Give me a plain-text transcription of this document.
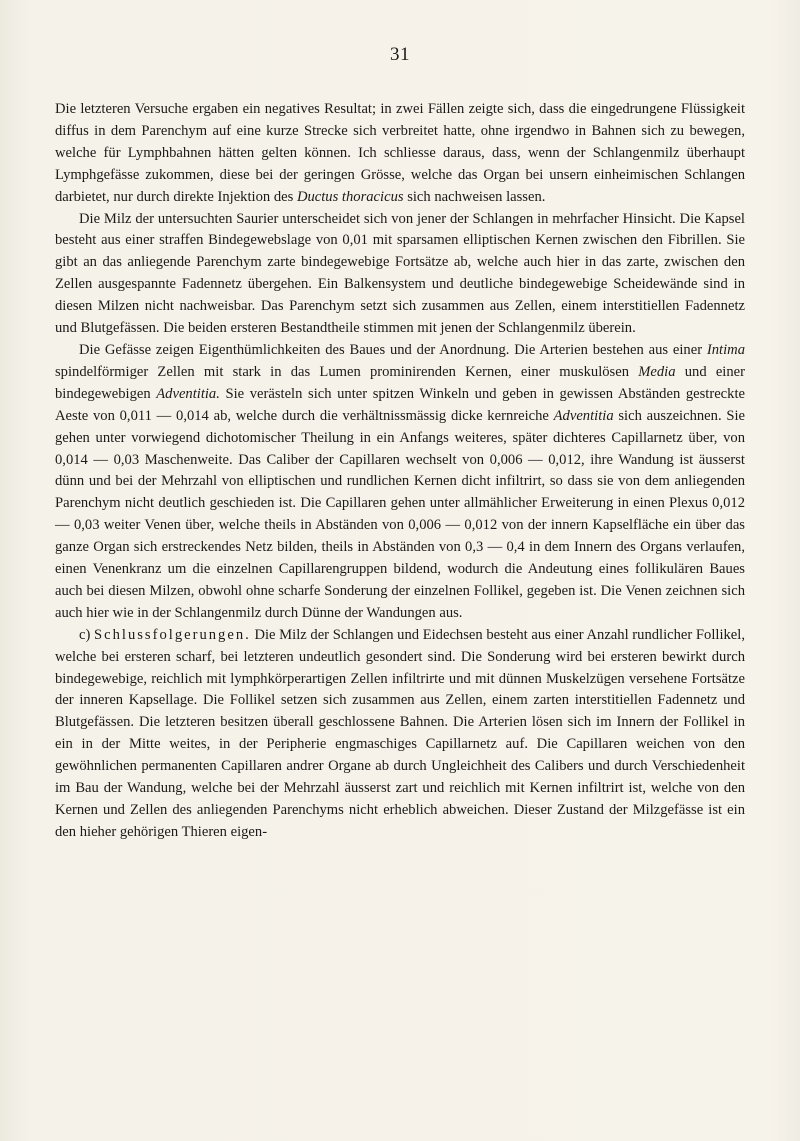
31

Die letzteren Versuche ergaben ein negatives Resultat; in zwei Fällen zeigte sich, dass die eingedrungene Flüssigkeit diffus in dem Parenchym auf eine kurze Strecke sich verbreitet hatte, ohne irgendwo in Bahnen sich zu bewegen, welche für Lymphbahnen hätten gelten können. Ich schliesse daraus, dass, wenn der Schlangenmilz überhaupt Lymphgefässe zukommen, diese bei der geringen Grösse, welche das Organ bei unsern einheimischen Schlangen darbietet, nur durch direkte Injektion des Ductus thoracicus sich nachweisen lassen.

Die Milz der untersuchten Saurier unterscheidet sich von jener der Schlangen in mehrfacher Hinsicht. Die Kapsel besteht aus einer straffen Bindegewebslage von 0,01 mit sparsamen elliptischen Kernen zwischen den Fibrillen. Sie gibt an das anliegende Parenchym zarte bindegewebige Fortsätze ab, welche auch hier in das zarte, zwischen den Zellen ausgespannte Fadennetz übergehen. Ein Balkensystem und deutliche bindegewebige Scheidewände sind in diesen Milzen nicht nachweisbar. Das Parenchym setzt sich zusammen aus Zellen, einem interstitiellen Fadennetz und Blutgefässen. Die beiden ersteren Bestandtheile stimmen mit jenen der Schlangenmilz überein.

Die Gefässe zeigen Eigenthümlichkeiten des Baues und der Anordnung. Die Arterien bestehen aus einer Intima spindelförmiger Zellen mit stark in das Lumen prominirenden Kernen, einer muskulösen Media und einer bindegewebigen Adventitia. Sie verästeln sich unter spitzen Winkeln und geben in gewissen Abständen gestreckte Aeste von 0,011 — 0,014 ab, welche durch die verhältnissmässig dicke kernreiche Adventitia sich auszeichnen. Sie gehen unter vorwiegend dichotomischer Theilung in ein Anfangs weiteres, später dichteres Capillarnetz über, von 0,014 — 0,03 Maschenweite. Das Caliber der Capillaren wechselt von 0,006 — 0,012, ihre Wandung ist äusserst dünn und bei der Mehrzahl von elliptischen und rundlichen Kernen dicht infiltrirt, so dass sie von dem anliegenden Parenchym nicht deutlich geschieden ist. Die Capillaren gehen unter allmählicher Erweiterung in einen Plexus 0,012 — 0,03 weiter Venen über, welche theils in Abständen von 0,006 — 0,012 von der innern Kapselfläche ein über das ganze Organ sich erstreckendes Netz bilden, theils in Abständen von 0,3 — 0,4 in dem Innern des Organs verlaufen, einen Venenkranz um die einzelnen Capillarengruppen bildend, wodurch die Andeutung eines follikulären Baues auch bei diesen Milzen, obwohl ohne scharfe Sonderung der einzelnen Follikel, gegeben ist. Die Venen zeichnen sich auch hier wie in der Schlangenmilz durch Dünne der Wandungen aus.

c) Schlussfolgerungen. Die Milz der Schlangen und Eidechsen besteht aus einer Anzahl rundlicher Follikel, welche bei ersteren scharf, bei letzteren undeutlich gesondert sind. Die Sonderung wird bei ersteren bewirkt durch bindegewebige, reichlich mit lymphkörperartigen Zellen infiltrirte und mit dünnen Muskelzügen versehene Fortsätze der inneren Kapsellage. Die Follikel setzen sich zusammen aus Zellen, einem zarten interstitiellen Fadennetz und Blutgefässen. Die letzteren besitzen überall geschlossene Bahnen. Die Arterien lösen sich im Innern der Follikel in ein in der Mitte weites, in der Peripherie engmaschiges Capillarnetz auf. Die Capillaren weichen von den gewöhnlichen permanenten Capillaren andrer Organe ab durch Ungleichheit des Calibers und durch Verschiedenheit im Bau der Wandung, welche bei der Mehrzahl äusserst zart und reichlich mit Kernen infiltrirt ist, welche von den Kernen und Zellen des anliegenden Parenchyms nicht erheblich abweichen. Dieser Zustand der Milzgefässe ist ein den hieher gehörigen Thieren eigen-
